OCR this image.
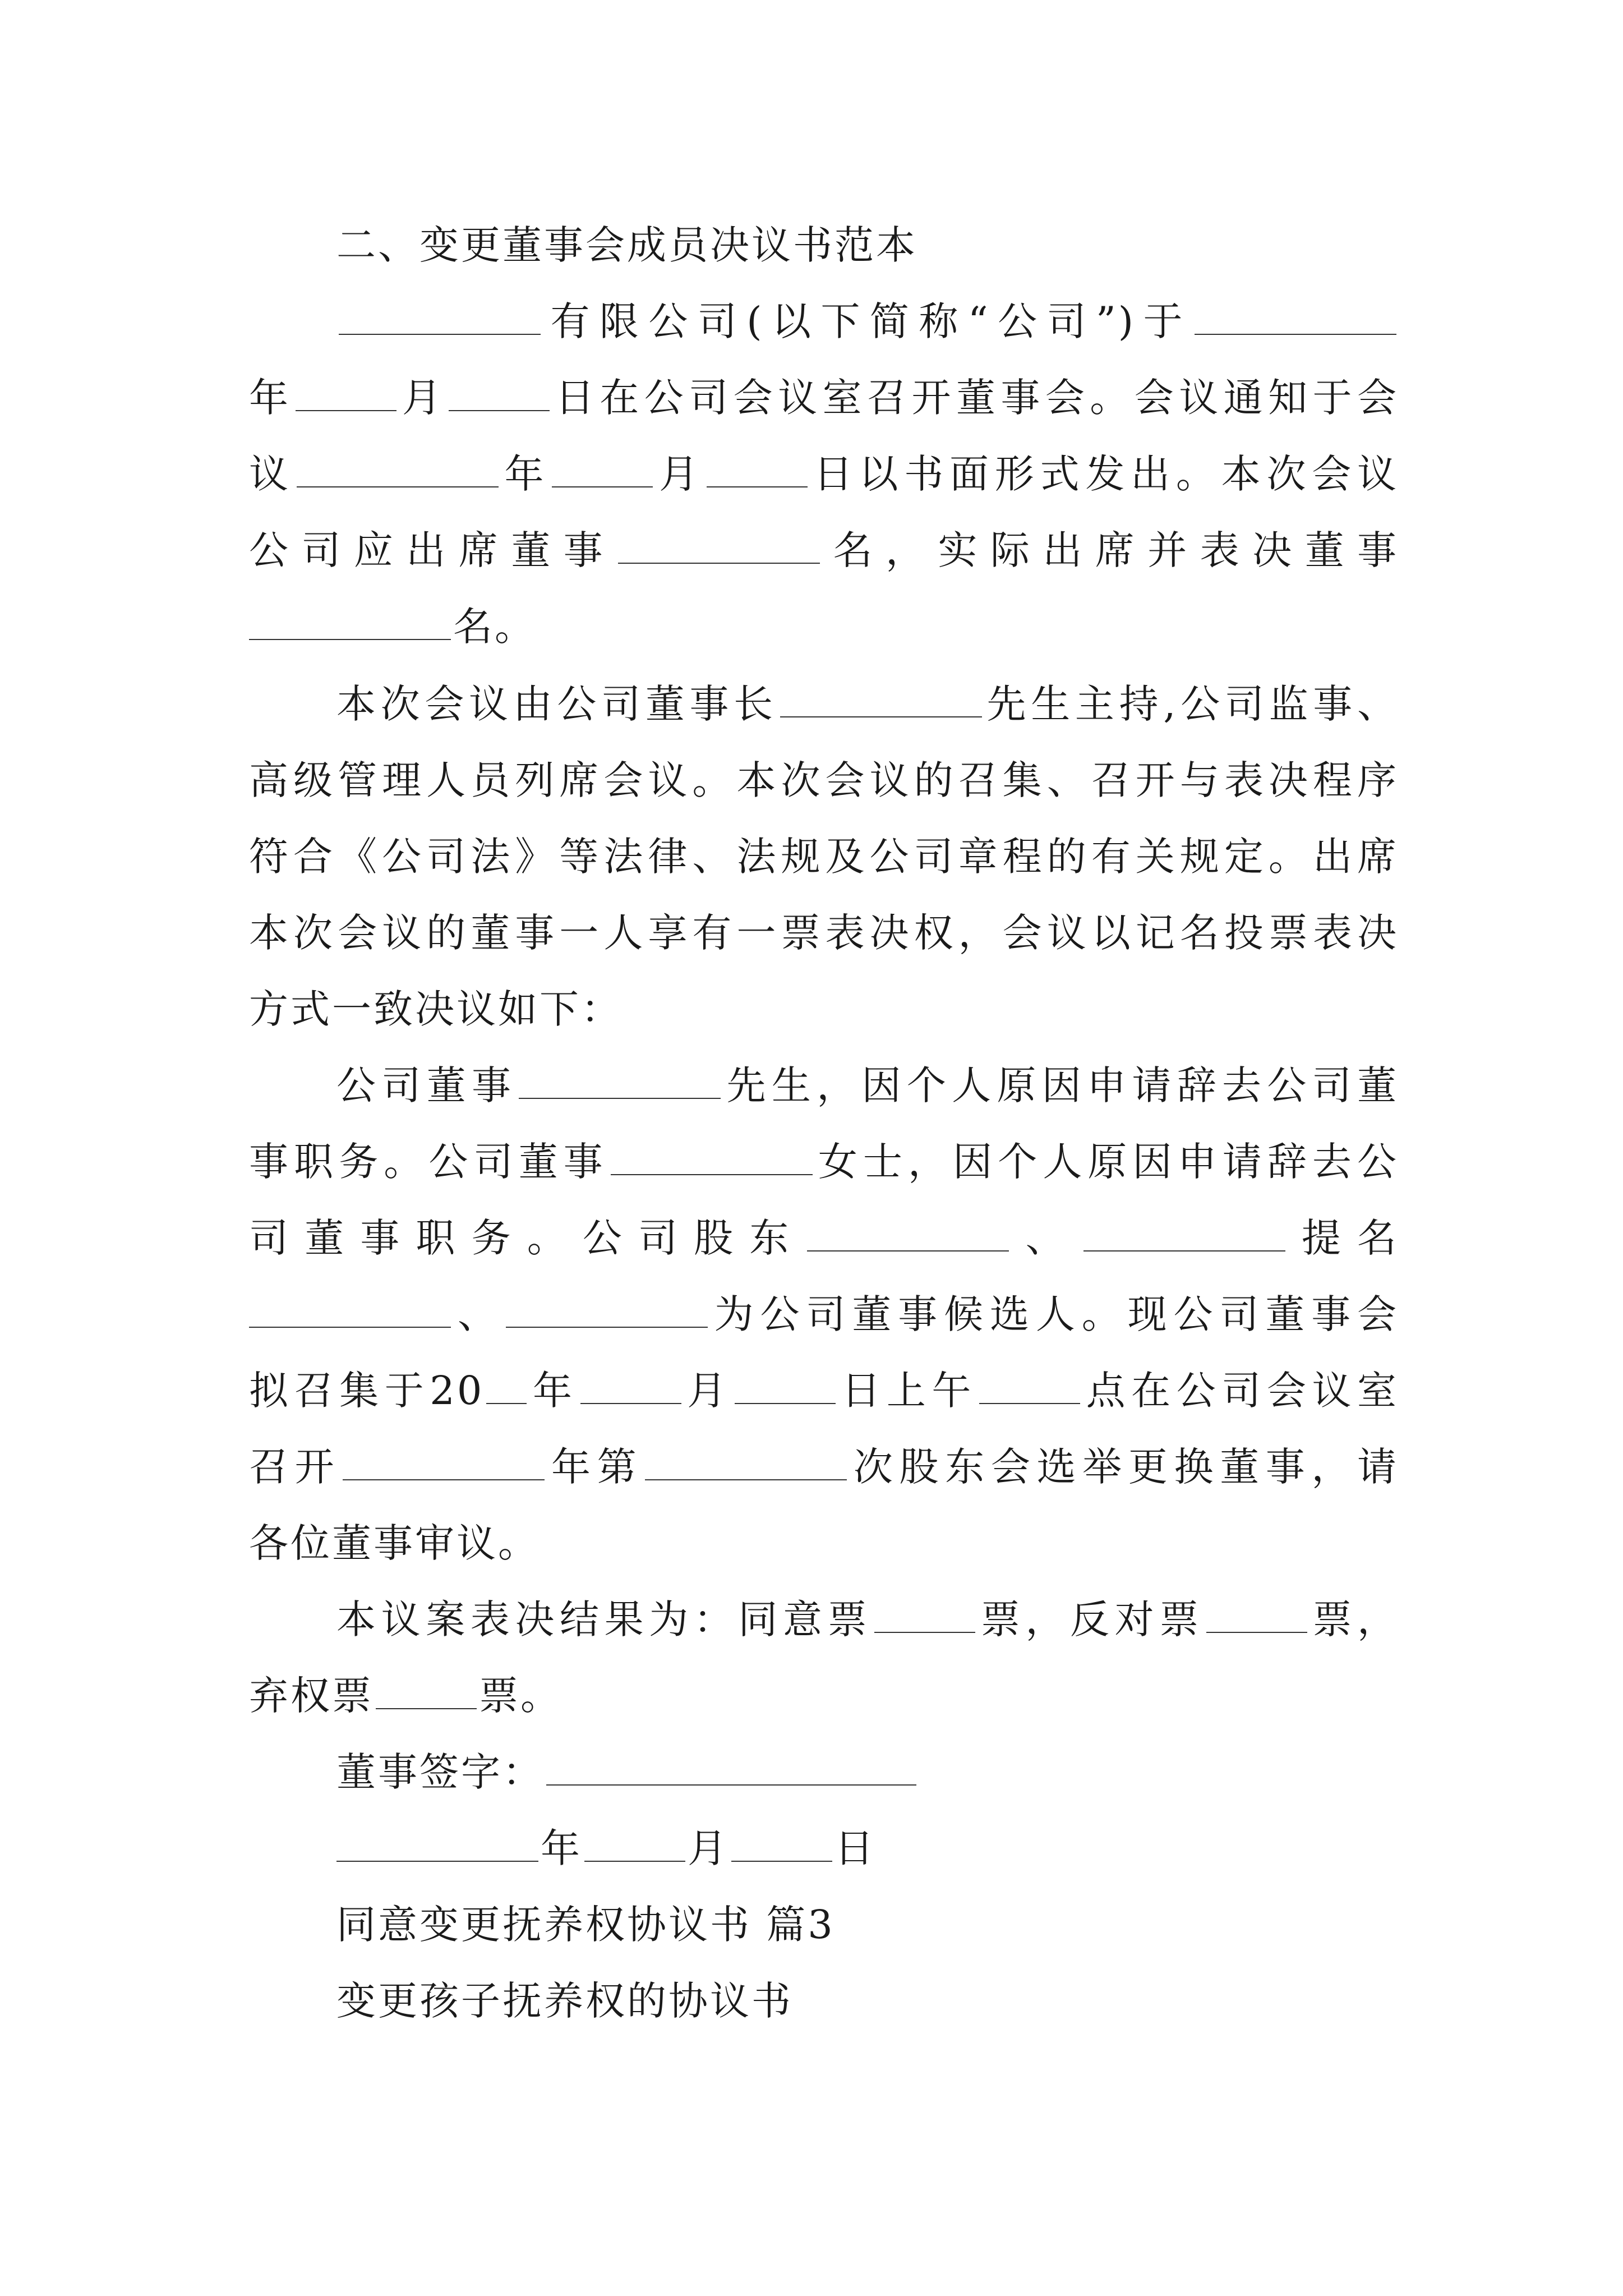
二、变更董事会成员决议书范本
有限公司(以下简称“公司”)于
年	月	日在公司会议室召开董事会。会议通知于会
议	年	月	日以书面形式发出。本次会议
公司应出席董事	名，实际出席并表决董事
名。
本次会议由公司董事长	先生主持,公司监事、
高级管理人员列席会议。本次会议的召集、召开与表决程序
符合《公司法》等法律、法规及公司章程的有关规定。出席
本次会议的董事一人享有一票表决权，会议以记名投票表决
方式一致决议如下：
公司董事	先生，因个人原因申请辞去公司董
事职务。公司董事	女士，因个人原因申请辞去公
司董事职务。公司股东	、	提名
、	为公司董事候选人。现公司董事会
拟召集于20 年	月	日上午	点在公司会议室
召开	年第	次股东会选举更换董事，请
各位董事审议。
本议案表决结果为：同意票	票，反对票	票，
弃权票	票。
董事签字：
年	月	日
同意变更抚养权协议书 篇3
变更孩子抚养权的协议书
